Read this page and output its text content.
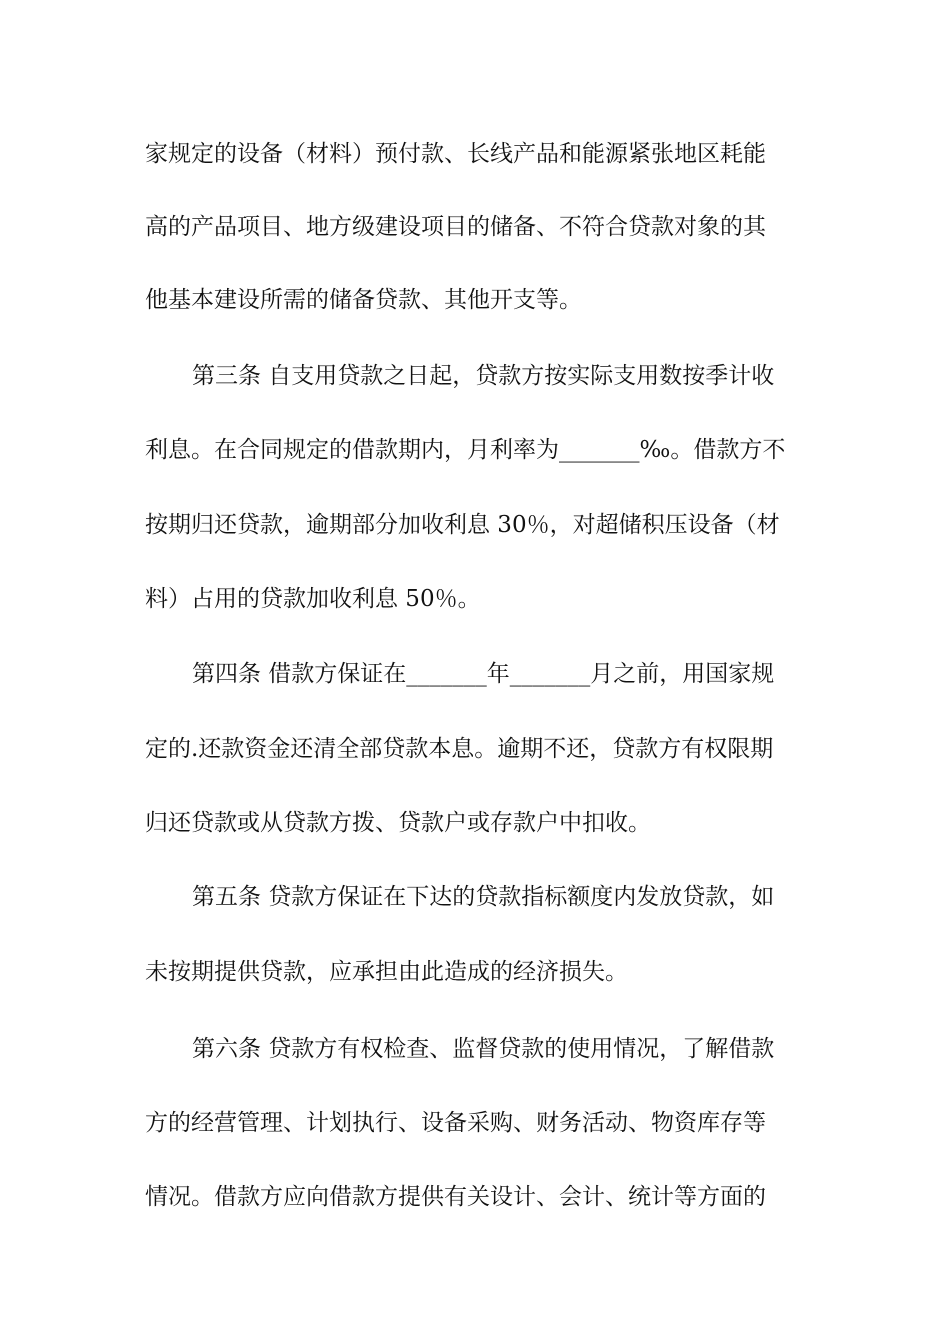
家规定的设备（材料）预付款、长线产品和能源紧张地区耗能
高的产品项目、地方级建设项目的储备、不符合贷款对象的其
他基本建设所需的储备贷款、其他开支等。
第三条 自支用贷款之日起，贷款方按实际支用数按季计收
利息。在合同规定的借款期内，月利率为_______‰。借款方不
按期归还贷款，逾期部分加收利息 30％，对超储积压设备（材
料）占用的贷款加收利息 50％。
第四条 借款方保证在_______年_______月之前，用国家规
定的.还款资金还清全部贷款本息。逾期不还，贷款方有权限期
归还贷款或从贷款方拨、贷款户或存款户中扣收。
第五条 贷款方保证在下达的贷款指标额度内发放贷款，如
未按期提供贷款，应承担由此造成的经济损失。
第六条 贷款方有权检查、监督贷款的使用情况，了解借款
方的经营管理、计划执行、设备采购、财务活动、物资库存等
情况。借款方应向借款方提供有关设计、会计、统计等方面的
